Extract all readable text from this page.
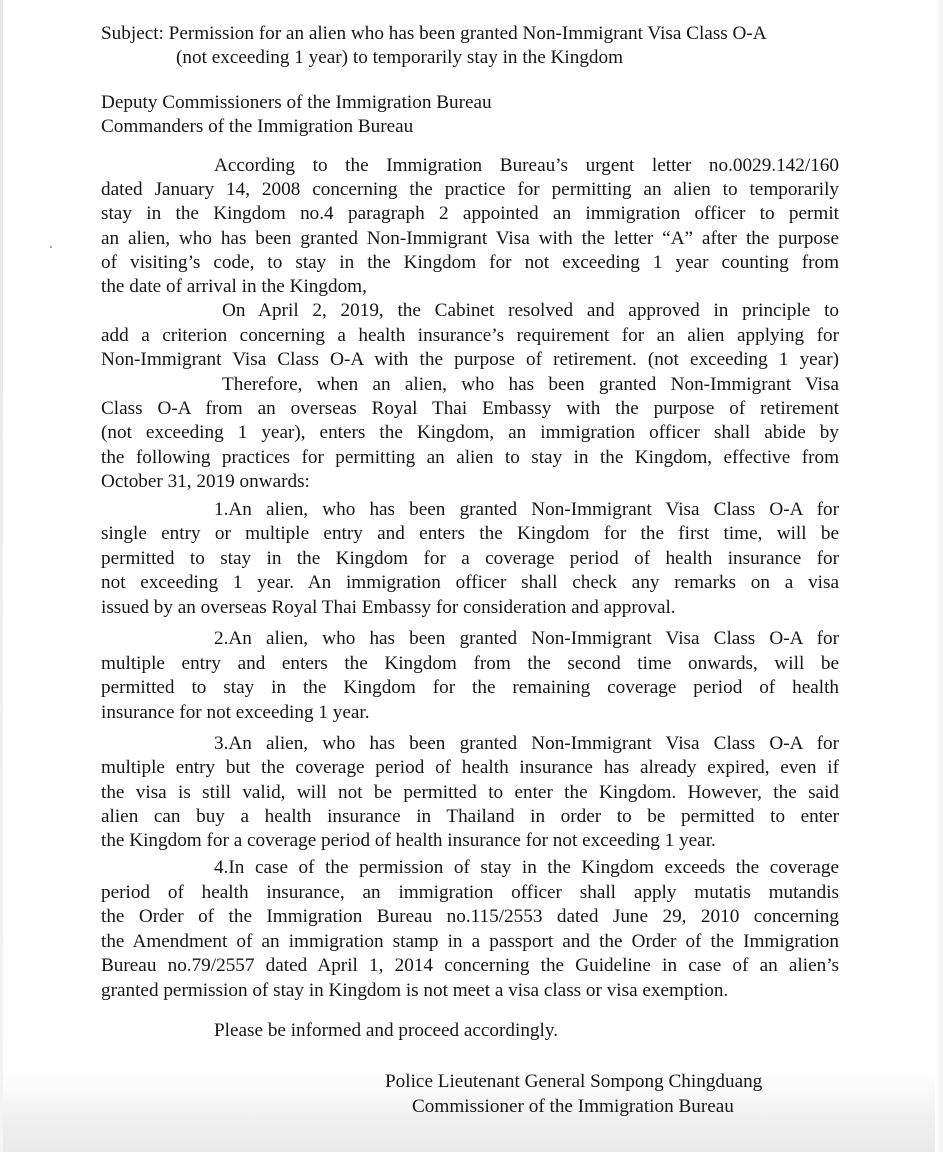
Subject: Permission for an alien who has been granted Non-Immigrant Visa Class O-A
(not exceeding 1 year) to temporarily stay in the Kingdom
Deputy Commissioners of the Immigration Bureau
Commanders of the Immigration Bureau
According to the Immigration Bureau’s urgent letter no.0029.142/160
dated January 14, 2008 concerning the practice for permitting an alien to temporarily
stay in the Kingdom no.4 paragraph 2 appointed an immigration officer to permit
an alien, who has been granted Non-Immigrant Visa with the letter “A” after the purpose
of visiting’s code, to stay in the Kingdom for not exceeding 1 year counting from
the date of arrival in the Kingdom,
On April 2, 2019, the Cabinet resolved and approved in principle to
add a criterion concerning a health insurance’s requirement for an alien applying for
Non-Immigrant Visa Class O-A with the purpose of retirement. (not exceeding 1 year)
Therefore, when an alien, who has been granted Non-Immigrant Visa
Class O-A from an overseas Royal Thai Embassy with the purpose of retirement
(not exceeding 1 year), enters the Kingdom, an immigration officer shall abide by
the following practices for permitting an alien to stay in the Kingdom, effective from
October 31, 2019 onwards:
1.An alien, who has been granted Non-Immigrant Visa Class O-A for
single entry or multiple entry and enters the Kingdom for the first time, will be
permitted to stay in the Kingdom for a coverage period of health insurance for
not exceeding 1 year. An immigration officer shall check any remarks on a visa
issued by an overseas Royal Thai Embassy for consideration and approval.
2.An alien, who has been granted Non-Immigrant Visa Class O-A for
multiple entry and enters the Kingdom from the second time onwards, will be
permitted to stay in the Kingdom for the remaining coverage period of health
insurance for not exceeding 1 year.
3.An alien, who has been granted Non-Immigrant Visa Class O-A for
multiple entry but the coverage period of health insurance has already expired, even if
the visa is still valid, will not be permitted to enter the Kingdom. However, the said
alien can buy a health insurance in Thailand in order to be permitted to enter
the Kingdom for a coverage period of health insurance for not exceeding 1 year.
4.In case of the permission of stay in the Kingdom exceeds the coverage
period of health insurance, an immigration officer shall apply mutatis mutandis
the Order of the Immigration Bureau no.115/2553 dated June 29, 2010 concerning
the Amendment of an immigration stamp in a passport and the Order of the Immigration
Bureau no.79/2557 dated April 1, 2014 concerning the Guideline in case of an alien’s
granted permission of stay in Kingdom is not meet a visa class or visa exemption.
Please be informed and proceed accordingly.
Police Lieutenant General Sompong Chingduang
Commissioner of the Immigration Bureau
